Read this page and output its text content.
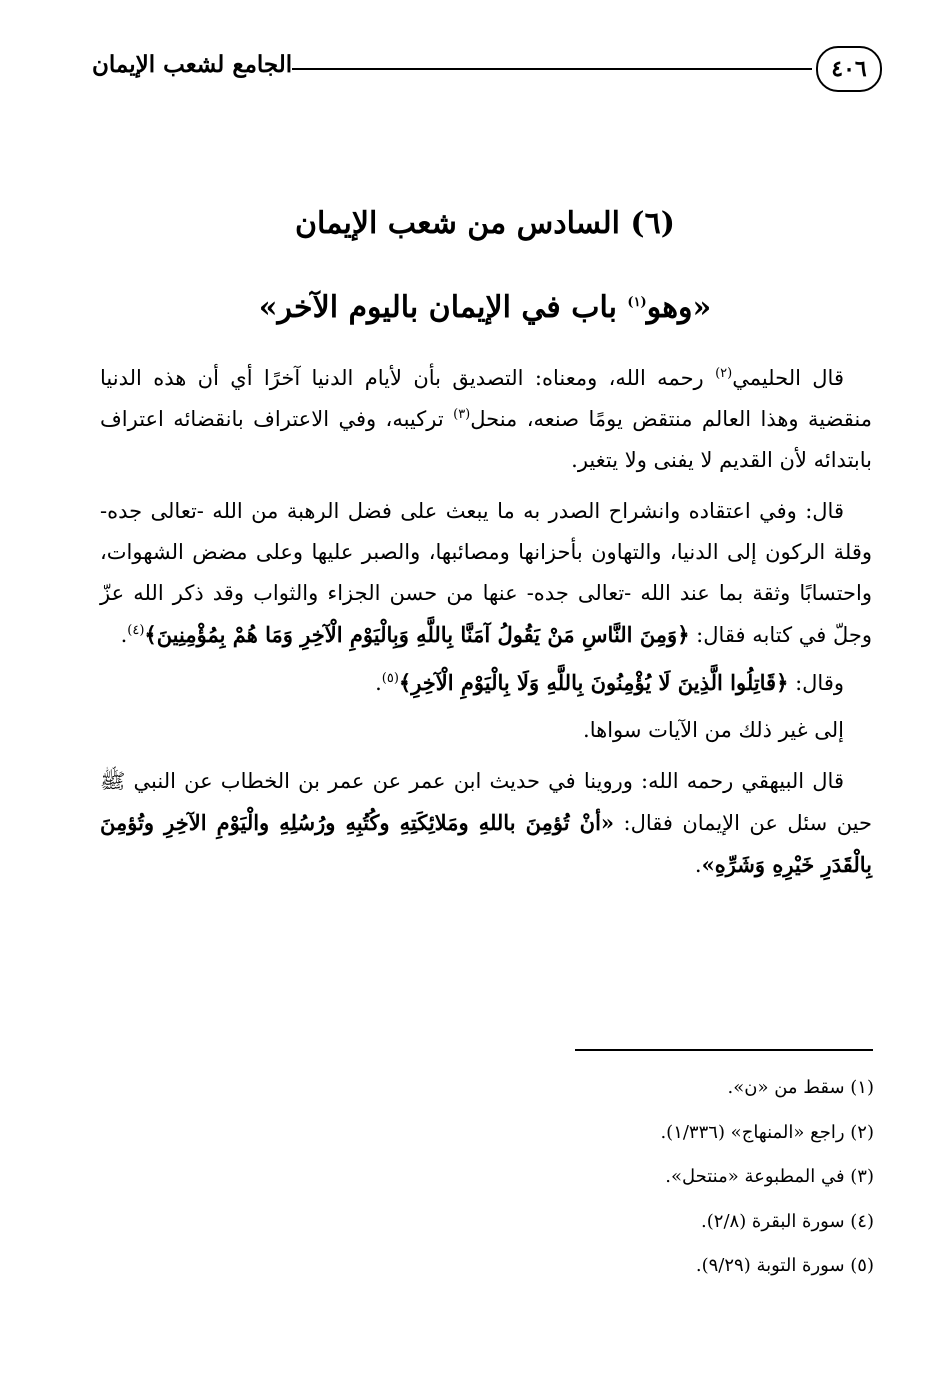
٤٠٦
الجامع لشعب الإيمان
(٦) السادس من شعب الإيمان
«وهو$^{(١)}$ باب في الإيمان باليوم الآخر»

قال الحليمي$^{(٢)}$ رحمه الله، ومعناه: التصديق بأن لأيام الدنيا آخرًا أي أن هذه الدنيا منقضية وهذا العالم منتقض يومًا صنعه، منحل$^{(٣)}$ تركيبه، وفي الاعتراف بانقضائه اعتراف بابتدائه لأن القديم لا يفنى ولا يتغير.

قال: وفي اعتقاده وانشراح الصدر به ما يبعث على فضل الرهبة من الله -تعالى جده- وقلة الركون إلى الدنيا، والتهاون بأحزانها ومصائبها، والصبر عليها وعلى مضض الشهوات، واحتسابًا وثقة بما عند الله -تعالى جده- عنها من حسن الجزاء والثواب وقد ذكر الله عزّ وجلّ في كتابه فقال: ﴿وَمِنَ النَّاسِ مَنْ يَقُولُ آمَنَّا بِاللَّهِ وَبِالْيَوْمِ الْآخِرِ وَمَا هُمْ بِمُؤْمِنِينَ﴾$^{(٤)}$.

وقال: ﴿قَاتِلُوا الَّذِينَ لَا يُؤْمِنُونَ بِاللَّهِ وَلَا بِالْيَوْمِ الْآخِرِ﴾$^{(٥)}$.

إلى غير ذلك من الآيات سواها.

قال البيهقي رحمه الله: وروينا في حديث ابن عمر عن عمر بن الخطاب عن النبي ﷺ حين سئل عن الإيمان فقال: «أنْ تُؤمِنَ باللهِ ومَلائِكَتِهِ وكُتُبِهِ ورُسُلِهِ والْيَوْمِ الآخِرِ وتُؤمِنَ بِالْقَدَرِ خَيْرِهِ وَشَرِّهِ».

(١) سقط من «ن».

(٢) راجع «المنهاج» (١/٣٣٦).

(٣) في المطبوعة «منتحل».

(٤) سورة البقرة (٢/٨).

(٥) سورة التوبة (٩/٢٩).
